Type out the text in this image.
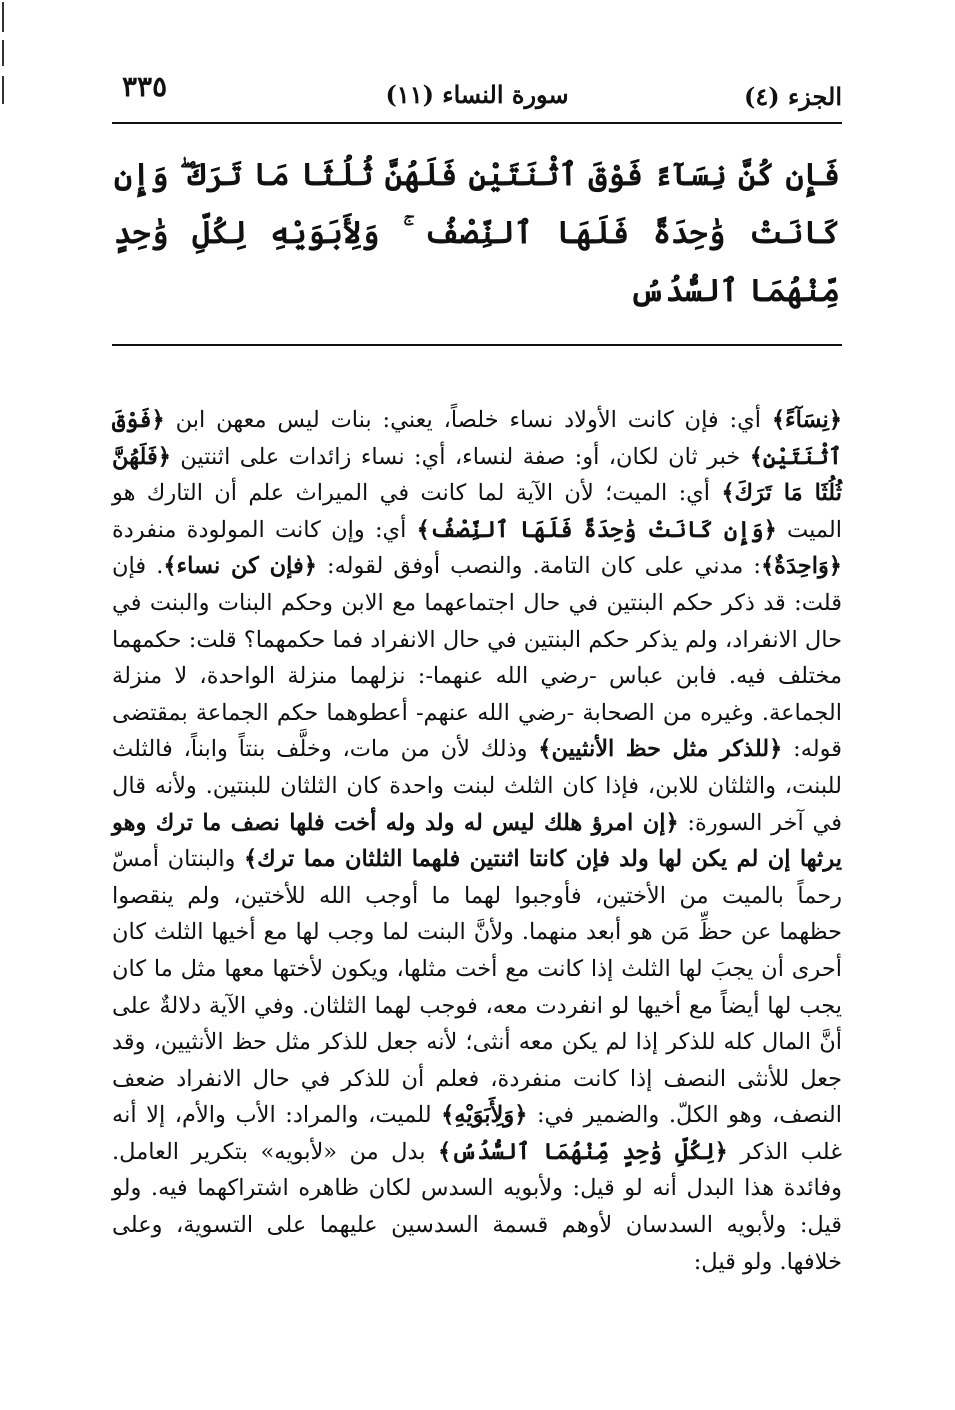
الجزء (٤)
سورة النساء (١١)
٣٣٥
فَإِن كُنَّ نِسَآءً فَوْقَ ٱثْنَتَيْنِ فَلَهُنَّ ثُلُثَا مَا تَرَكَ ۖ وَإِن كَانَتْ وَٰحِدَةً فَلَهَا ٱلنِّصْفُ ۚ وَلِأَبَوَيْهِ لِكُلِّ وَٰحِدٍ مِّنْهُمَا ٱلسُّدُسُ
﴿نِسَآءً﴾ أي: فإن كانت الأولاد نساء خلصاً، يعني: بنات ليس معهن ابن ﴿فَوْقَ ٱثْنَتَيْنِ﴾ خبر ثان لكان، أو: صفة لنساء، أي: نساء زائدات على اثنتين ﴿فَلَهُنَّ ثُلُثَا مَا تَرَكَ﴾ أي: الميت؛ لأن الآية لما كانت في الميراث علم أن التارك هو الميت ﴿وَإِن كَانَتْ وَٰحِدَةً فَلَهَا ٱلنِّصْفُ﴾ أي: وإن كانت المولودة منفردة ﴿وَاحِدَةٌ﴾: مدني على كان التامة. والنصب أوفق لقوله: ﴿فإن كن نساء﴾. فإن قلت: قد ذكر حكم البنتين في حال اجتماعهما مع الابن وحكم البنات والبنت في حال الانفراد، ولم يذكر حكم البنتين في حال الانفراد فما حكمهما؟ قلت: حكمهما مختلف فيه. فابن عباس -رضي الله عنهما-: نزلهما منزلة الواحدة، لا منزلة الجماعة. وغيره من الصحابة -رضي الله عنهم- أعطوهما حكم الجماعة بمقتضى قوله: ﴿للذكر مثل حظ الأنثيين﴾ وذلك لأن من مات، وخلَّف بنتاً وابناً، فالثلث للبنت، والثلثان للابن، فإذا كان الثلث لبنت واحدة كان الثلثان للبنتين. ولأنه قال في آخر السورة: ﴿إن امرؤ هلك ليس له ولد وله أخت فلها نصف ما ترك وهو يرثها إن لم يكن لها ولد فإن كانتا اثنتين فلهما الثلثان مما ترك﴾ والبنتان أمسّ رحماً بالميت من الأختين، فأوجبوا لهما ما أوجب الله للأختين، ولم ينقصوا حظهما عن حظِّ مَن هو أبعد منهما. ولأنَّ البنت لما وجب لها مع أخيها الثلث كان أحرى أن يجبَ لها الثلث إذا كانت مع أخت مثلها، ويكون لأختها معها مثل ما كان يجب لها أيضاً مع أخيها لو انفردت معه، فوجب لهما الثلثان. وفي الآية دلالةٌ على أنَّ المال كله للذكر إذا لم يكن معه أنثى؛ لأنه جعل للذكر مثل حظ الأنثيين، وقد جعل للأنثى النصف إذا كانت منفردة، فعلم أن للذكر في حال الانفراد ضعف النصف، وهو الكلّ. والضمير في: ﴿وَلِأَبَوَيْهِ﴾ للميت، والمراد: الأب والأم، إلا أنه غلب الذكر ﴿لِكُلِّ وَٰحِدٍ مِّنْهُمَا ٱلسُّدُسُ﴾ بدل من «لأبويه» بتكرير العامل. وفائدة هذا البدل أنه لو قيل: ولأبويه السدس لكان ظاهره اشتراكهما فيه. ولو قيل: ولأبويه السدسان لأوهم قسمة السدسين عليهما على التسوية، وعلى خلافها. ولو قيل:
